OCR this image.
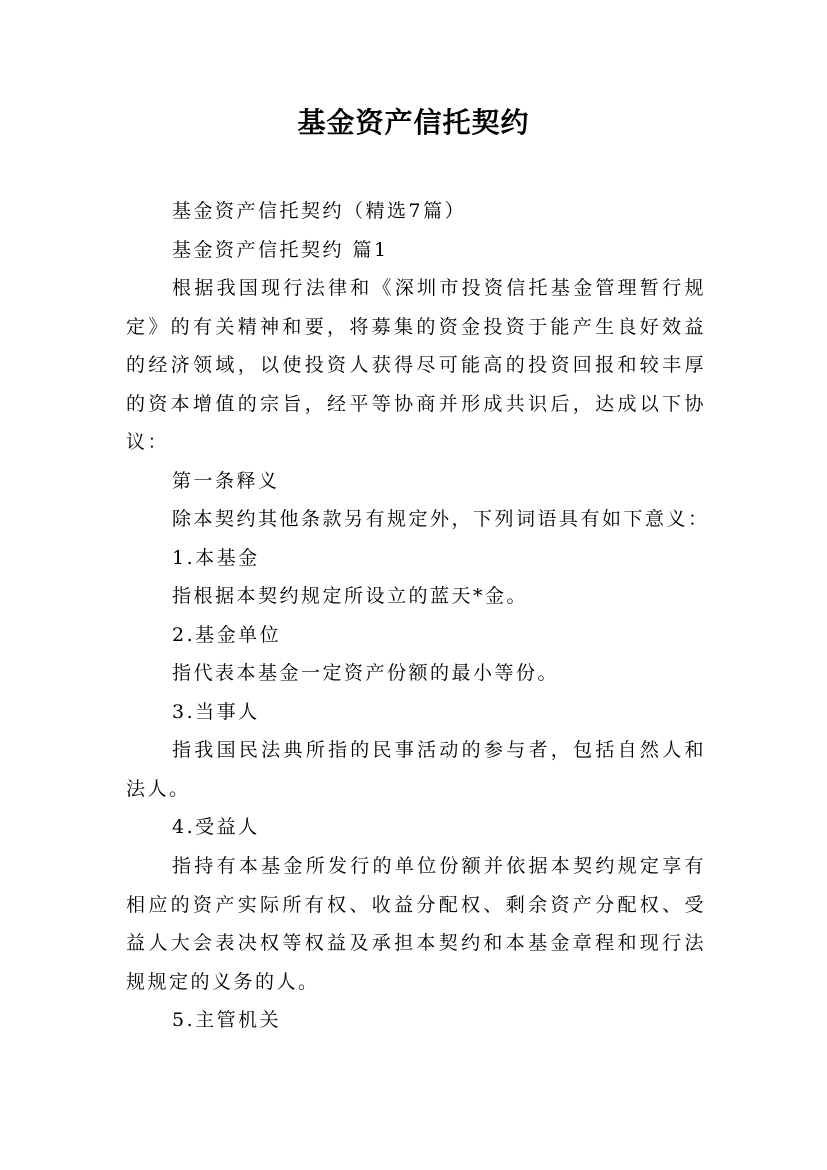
基金资产信托契约

基金资产信托契约（精选7篇）

基金资产信托契约 篇1

根据我国现行法律和《深圳市投资信托基金管理暂行规定》的有关精神和要，将募集的资金投资于能产生良好效益的经济领域，以使投资人获得尽可能高的投资回报和较丰厚的资本增值的宗旨，经平等协商并形成共识后，达成以下协议：

第一条释义

除本契约其他条款另有规定外，下列词语具有如下意义：

1.本基金

指根据本契约规定所设立的蓝天*金。

2.基金单位

指代表本基金一定资产份额的最小等份。

3.当事人

指我国民法典所指的民事活动的参与者，包括自然人和法人。

4.受益人

指持有本基金所发行的单位份额并依据本契约规定享有相应的资产实际所有权、收益分配权、剩余资产分配权、受益人大会表决权等权益及承担本契约和本基金章程和现行法规规定的义务的人。

5.主管机关
